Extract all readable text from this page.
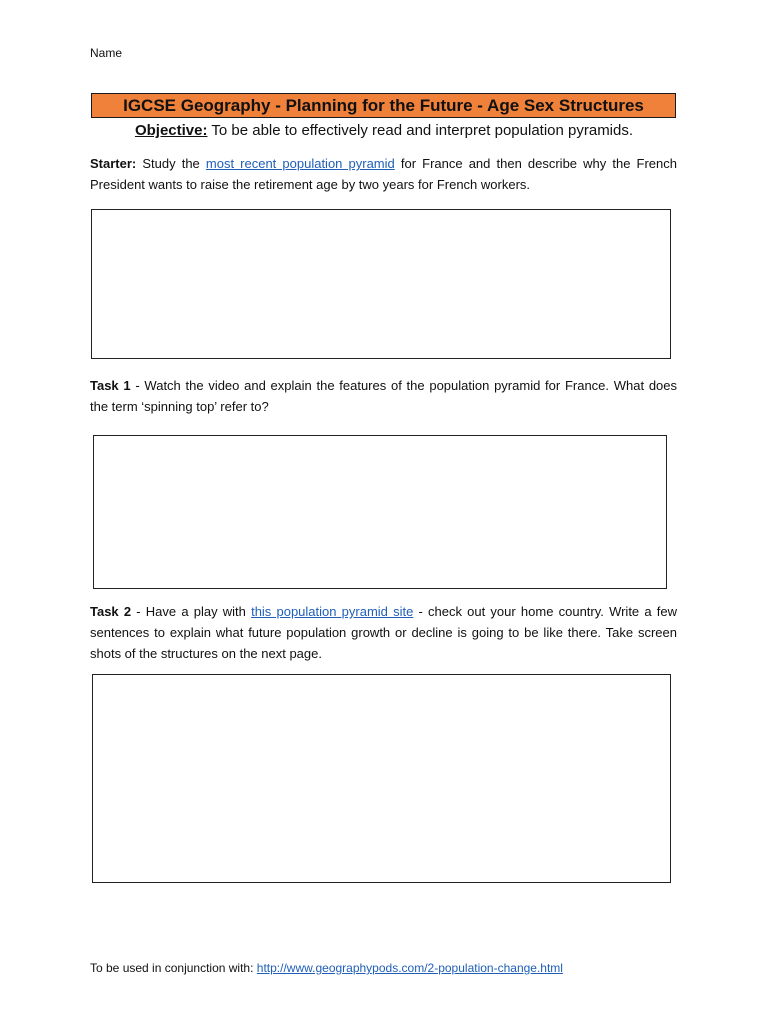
Name
IGCSE Geography - Planning for the Future - Age Sex Structures
Objective: To be able to effectively read and interpret population pyramids.
Starter: Study the most recent population pyramid for France and then describe why the French President wants to raise the retirement age by two years for French workers.
Task 1 - Watch the video and explain the features of the population pyramid for France. What does the term ‘spinning top’ refer to?
Task 2 - Have a play with this population pyramid site - check out your home country. Write a few sentences to explain what future population growth or decline is going to be like there. Take screen shots of the structures on the next page.
To be used in conjunction with: http://www.geographypods.com/2-population-change.html
